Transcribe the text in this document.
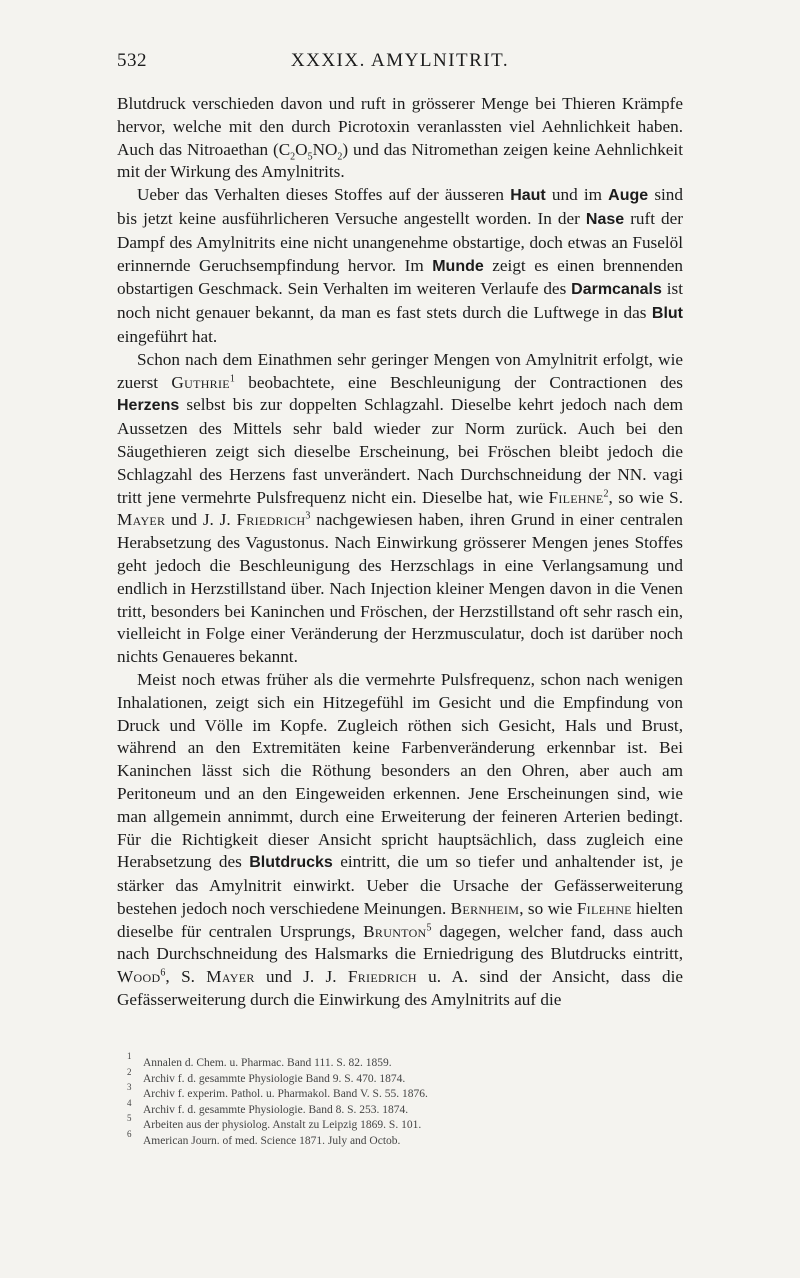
532	XXXIX. AMYLNITRIT.

Blutdruck verschieden davon und ruft in grösserer Menge bei Thieren Krämpfe hervor, welche mit den durch Picrotoxin veranlassten viel Aehnlichkeit haben. Auch das Nitroaethan $(C_2O_5NO_2)$ und das Nitromethan zeigen keine Aehnlichkeit mit der Wirkung des Amylnitrits.

Ueber das Verhalten dieses Stoffes auf der äusseren Haut und im Auge sind bis jetzt keine ausführlicheren Versuche angestellt worden. In der Nase ruft der Dampf des Amylnitrits eine nicht unangenehme obstartige, doch etwas an Fuselöl erinnernde Geruchsempfindung hervor. Im Munde zeigt es einen brennenden obstartigen Geschmack. Sein Verhalten im weiteren Verlaufe des Darmcanals ist noch nicht genauer bekannt, da man es fast stets durch die Luftwege in das Blut eingeführt hat.

Schon nach dem Einathmen sehr geringer Mengen von Amylnitrit erfolgt, wie zuerst Guthrie$^1$ beobachtete, eine Beschleunigung der Contractionen des Herzens selbst bis zur doppelten Schlagzahl. Dieselbe kehrt jedoch nach dem Aussetzen des Mittels sehr bald wieder zur Norm zurück. Auch bei den Säugethieren zeigt sich dieselbe Erscheinung, bei Fröschen bleibt jedoch die Schlagzahl des Herzens fast unverändert. Nach Durchschneidung der NN. vagi tritt jene vermehrte Pulsfrequenz nicht ein. Dieselbe hat, wie Filehne$^2$, so wie S. Mayer und J. J. Friedrich$^3$ nachgewiesen haben, ihren Grund in einer centralen Herabsetzung des Vagustonus. Nach Einwirkung grösserer Mengen jenes Stoffes geht jedoch die Beschleunigung des Herzschlags in eine Verlangsamung und endlich in Herzstillstand über. Nach Injection kleiner Mengen davon in die Venen tritt, besonders bei Kaninchen und Fröschen, der Herzstillstand oft sehr rasch ein, vielleicht in Folge einer Veränderung der Herzmusculatur, doch ist darüber noch nichts Genaueres bekannt.

Meist noch etwas früher als die vermehrte Pulsfrequenz, schon nach wenigen Inhalationen, zeigt sich ein Hitzegefühl im Gesicht und die Empfindung von Druck und Völle im Kopfe. Zugleich röthen sich Gesicht, Hals und Brust, während an den Extremitäten keine Farbenveränderung erkennbar ist. Bei Kaninchen lässt sich die Röthung besonders an den Ohren, aber auch am Peritoneum und an den Eingeweiden erkennen. Jene Erscheinungen sind, wie man allgemein annimmt, durch eine Erweiterung der feineren Arterien bedingt. Für die Richtigkeit dieser Ansicht spricht hauptsächlich, dass zugleich eine Herabsetzung des Blutdrucks eintritt, die um so tiefer und anhaltender ist, je stärker das Amylnitrit einwirkt. Ueber die Ursache der Gefässerweiterung bestehen jedoch noch verschiedene Meinungen. Bernheim, so wie Filehne hielten dieselbe für centralen Ursprungs, Brunton$^5$ dagegen, welcher fand, dass auch nach Durchschneidung des Halsmarks die Erniedrigung des Blutdrucks eintritt, Wood$^6$, S. Mayer und J. J. Friedrich u. A. sind der Ansicht, dass die Gefässerweiterung durch die Einwirkung des Amylnitrits auf die

1
Annalen d. Chem. u. Pharmac. Band 111. S. 82. 1859.
2
Archiv f. d. gesammte Physiologie Band 9. S. 470. 1874.
3
Archiv f. experim. Pathol. u. Pharmakol. Band V. S. 55. 1876.
4
Archiv f. d. gesammte Physiologie. Band 8. S. 253. 1874.
5
Arbeiten aus der physiolog. Anstalt zu Leipzig 1869. S. 101.
6
American Journ. of med. Science 1871. July and Octob.
